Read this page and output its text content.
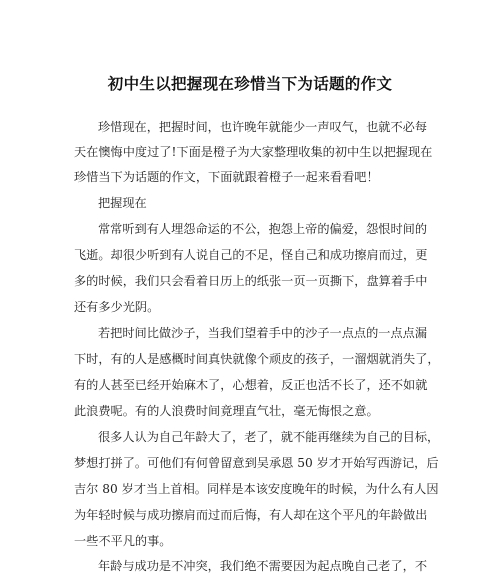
初中生以把握现在珍惜当下为话题的作文
珍惜现在，把握时间，也许晚年就能少一声叹气，也就不必每
天在懊悔中度过了!下面是橙子为大家整理收集的初中生以把握现在
珍惜当下为话题的作文，下面就跟着橙子一起来看看吧！
把握现在
常常听到有人埋怨命运的不公，抱怨上帝的偏爱，怨恨时间的
飞逝。却很少听到有人说自己的不足，怪自己和成功擦肩而过，更
多的时候，我们只会看着日历上的纸张一页一页撕下，盘算着手中
还有多少光阴。
若把时间比做沙子，当我们望着手中的沙子一点点的一点点漏
下时，有的人是感概时间真快就像个顽皮的孩子，一溜烟就消失了，
有的人甚至已经开始麻木了，心想着，反正也活不长了，还不如就
此浪费呢。有的人浪费时间竟理直气壮，毫无悔恨之意。
很多人认为自己年龄大了，老了，就不能再继续为自己的目标，
梦想打拼了。可他们有何曾留意到吴承恩 50 岁才开始写西游记，后
吉尔 80 岁才当上首相。同样是本该安度晚年的时候，为什么有人因
为年轻时候与成功擦肩而过而后悔，有人却在这个平凡的年龄做出
一些不平凡的事。
年龄与成功是不冲突，我们绝不需要因为起点晚自己老了，不
